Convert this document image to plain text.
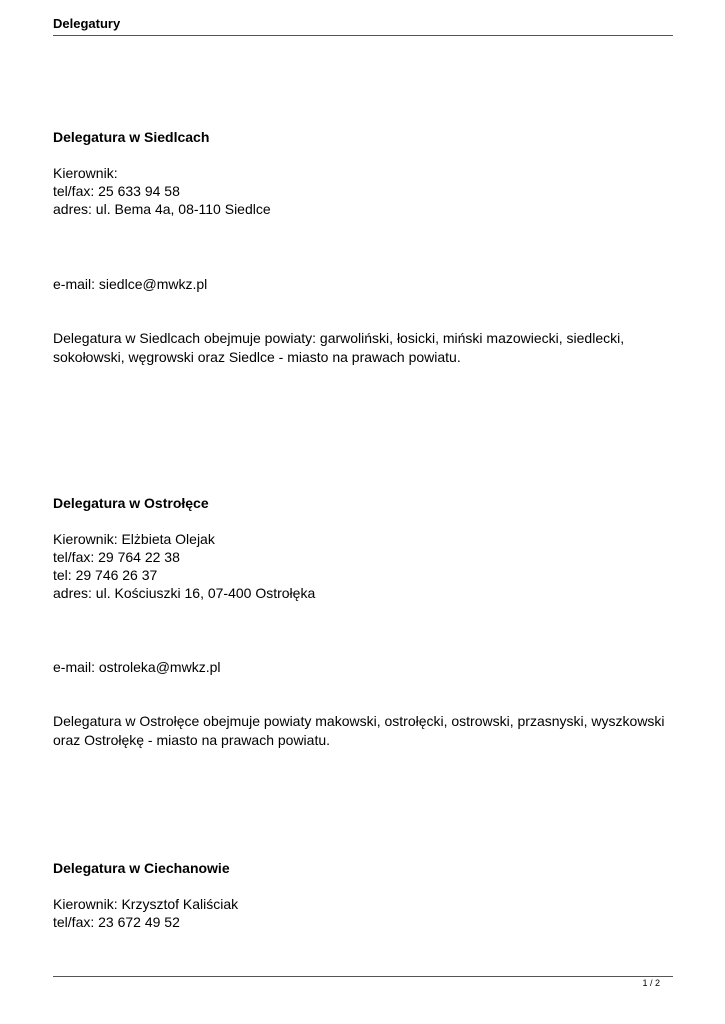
Delegatury
Delegatura w Siedlcach
Kierownik:
tel/fax: 25 633 94 58
adres: ul. Bema 4a, 08-110 Siedlce
e-mail: siedlce@mwkz.pl
Delegatura w Siedlcach obejmuje powiaty: garwoliński, łosicki, miński mazowiecki, siedlecki, sokołowski, węgrowski oraz Siedlce - miasto na prawach powiatu.
Delegatura w Ostrołęce
Kierownik: Elżbieta Olejak
tel/fax: 29 764 22 38
tel: 29 746 26 37
adres: ul. Kościuszki 16, 07-400 Ostrołęka
e-mail: ostroleka@mwkz.pl
Delegatura w Ostrołęce obejmuje powiaty makowski, ostrołęcki, ostrowski, przasnyski, wyszkowski oraz Ostrołękę - miasto na prawach powiatu.
Delegatura w Ciechanowie
Kierownik: Krzysztof Kaliściak
tel/fax: 23 672 49 52
1 / 2
